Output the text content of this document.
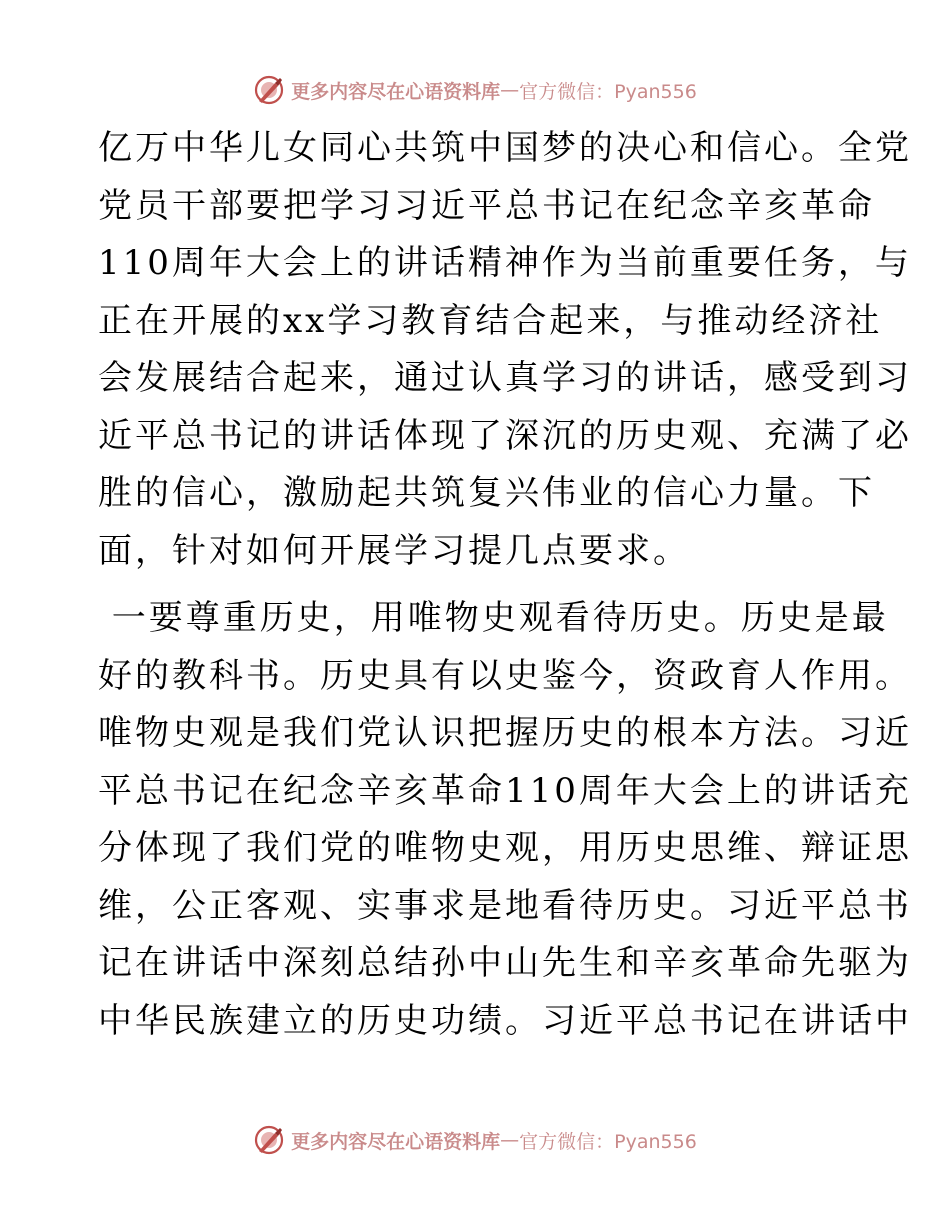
更多内容尽在心语资料库 — 官方微信：Pyan556
亿万中华儿女同心共筑中国梦的决心和信心。全党
党员干部要把学习习近平总书记在纪念辛亥革命
110周年大会上的讲话精神作为当前重要任务，与
正在开展的xx学习教育结合起来，与推动经济社
会发展结合起来，通过认真学习的讲话，感受到习
近平总书记的讲话体现了深沉的历史观、充满了必
胜的信心，激励起共筑复兴伟业的信心力量。下
面，针对如何开展学习提几点要求。
一要尊重历史，用唯物史观看待历史。历史是最
好的教科书。历史具有以史鉴今，资政育人作用。
唯物史观是我们党认识把握历史的根本方法。习近
平总书记在纪念辛亥革命110周年大会上的讲话充
分体现了我们党的唯物史观，用历史思维、辩证思
维，公正客观、实事求是地看待历史。习近平总书
记在讲话中深刻总结孙中山先生和辛亥革命先驱为
中华民族建立的历史功绩。习近平总书记在讲话中
更多内容尽在心语资料库 — 官方微信：Pyan556
